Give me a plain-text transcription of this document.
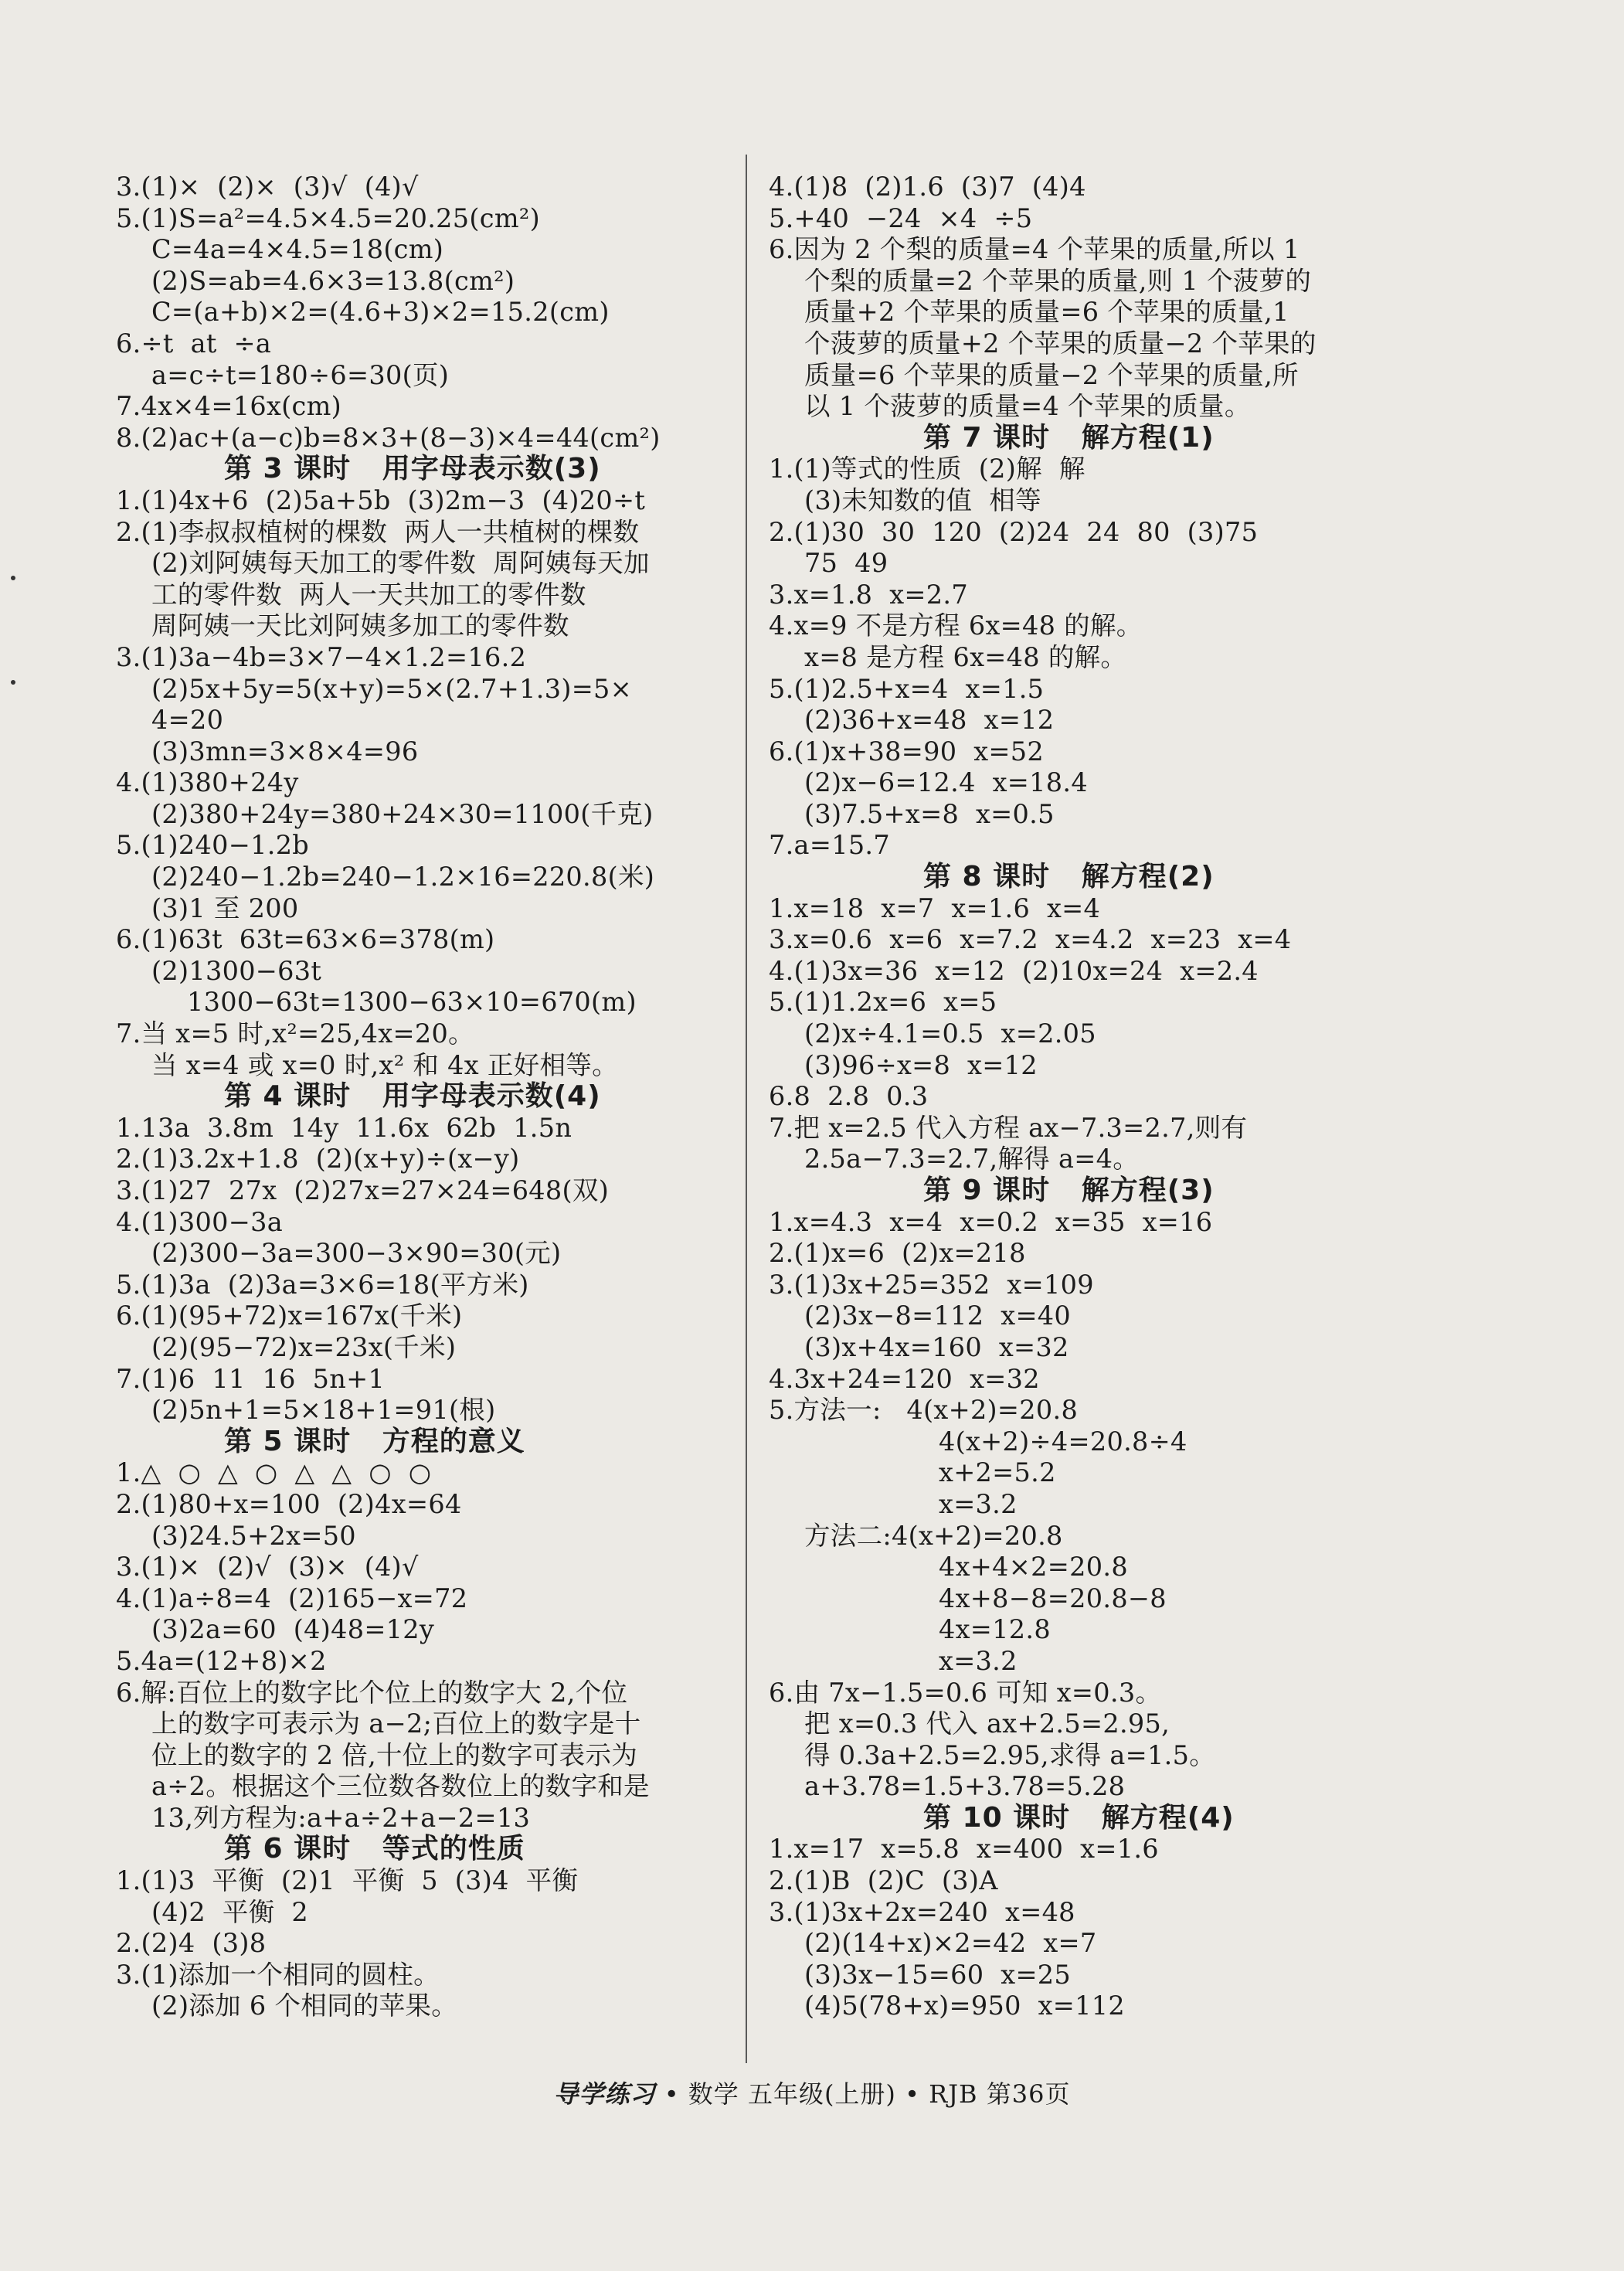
3.(1)×  (2)×  (3)√  (4)√
5.(1)S=a²=4.5×4.5=20.25(cm²)
C=4a=4×4.5=18(cm)
(2)S=ab=4.6×3=13.8(cm²)
C=(a+b)×2=(4.6+3)×2=15.2(cm)
6.÷t  at  ÷a
a=c÷t=180÷6=30(页)
7.4x×4=16x(cm)
8.(2)ac+(a−c)b=8×3+(8−3)×4=44(cm²)
第 3 课时   用字母表示数(3)
1.(1)4x+6  (2)5a+5b  (3)2m−3  (4)20÷t
2.(1)李叔叔植树的棵数  两人一共植树的棵数
(2)刘阿姨每天加工的零件数  周阿姨每天加
工的零件数  两人一天共加工的零件数
周阿姨一天比刘阿姨多加工的零件数
3.(1)3a−4b=3×7−4×1.2=16.2
(2)5x+5y=5(x+y)=5×(2.7+1.3)=5×
4=20
(3)3mn=3×8×4=96
4.(1)380+24y
(2)380+24y=380+24×30=1100(千克)
5.(1)240−1.2b
(2)240−1.2b=240−1.2×16=220.8(米)
(3)1 至 200
6.(1)63t  63t=63×6=378(m)
(2)1300−63t
1300−63t=1300−63×10=670(m)
7.当 x=5 时,x²=25,4x=20。
当 x=4 或 x=0 时,x² 和 4x 正好相等。
第 4 课时   用字母表示数(4)
1.13a  3.8m  14y  11.6x  62b  1.5n
2.(1)3.2x+1.8  (2)(x+y)÷(x−y)
3.(1)27  27x  (2)27x=27×24=648(双)
4.(1)300−3a
(2)300−3a=300−3×90=30(元)
5.(1)3a  (2)3a=3×6=18(平方米)
6.(1)(95+72)x=167x(千米)
(2)(95−72)x=23x(千米)
7.(1)6  11  16  5n+1
(2)5n+1=5×18+1=91(根)
第 5 课时   方程的意义
1.△  ○  △  ○  △  △  ○  ○
2.(1)80+x=100  (2)4x=64
(3)24.5+2x=50
3.(1)×  (2)√  (3)×  (4)√
4.(1)a÷8=4  (2)165−x=72
(3)2a=60  (4)48=12y
5.4a=(12+8)×2
6.解:百位上的数字比个位上的数字大 2,个位
上的数字可表示为 a−2;百位上的数字是十
位上的数字的 2 倍,十位上的数字可表示为
a÷2。根据这个三位数各数位上的数字和是
13,列方程为:a+a÷2+a−2=13
第 6 课时   等式的性质
1.(1)3  平衡  (2)1  平衡  5  (3)4  平衡
(4)2  平衡  2
2.(2)4  (3)8
3.(1)添加一个相同的圆柱。
(2)添加 6 个相同的苹果。
4.(1)8  (2)1.6  (3)7  (4)4
5.+40  −24  ×4  ÷5
6.因为 2 个梨的质量=4 个苹果的质量,所以 1
个梨的质量=2 个苹果的质量,则 1 个菠萝的
质量+2 个苹果的质量=6 个苹果的质量,1
个菠萝的质量+2 个苹果的质量−2 个苹果的
质量=6 个苹果的质量−2 个苹果的质量,所
以 1 个菠萝的质量=4 个苹果的质量。
第 7 课时   解方程(1)
1.(1)等式的性质  (2)解  解
(3)未知数的值  相等
2.(1)30  30  120  (2)24  24  80  (3)75
75  49
3.x=1.8  x=2.7
4.x=9 不是方程 6x=48 的解。
x=8 是方程 6x=48 的解。
5.(1)2.5+x=4  x=1.5
(2)36+x=48  x=12
6.(1)x+38=90  x=52
(2)x−6=12.4  x=18.4
(3)7.5+x=8  x=0.5
7.a=15.7
第 8 课时   解方程(2)
1.x=18  x=7  x=1.6  x=4
3.x=0.6  x=6  x=7.2  x=4.2  x=23  x=4
4.(1)3x=36  x=12  (2)10x=24  x=2.4
5.(1)1.2x=6  x=5
(2)x÷4.1=0.5  x=2.05
(3)96÷x=8  x=12
6.8  2.8  0.3
7.把 x=2.5 代入方程 ax−7.3=2.7,则有
2.5a−7.3=2.7,解得 a=4。
第 9 课时   解方程(3)
1.x=4.3  x=4  x=0.2  x=35  x=16
2.(1)x=6  (2)x=218
3.(1)3x+25=352  x=109
(2)3x−8=112  x=40
(3)x+4x=160  x=32
4.3x+24=120  x=32
5.方法一:   4(x+2)=20.8
4(x+2)÷4=20.8÷4
x+2=5.2
x=3.2
方法二:4(x+2)=20.8
4x+4×2=20.8
4x+8−8=20.8−8
4x=12.8
x=3.2
6.由 7x−1.5=0.6 可知 x=0.3。
把 x=0.3 代入 ax+2.5=2.95,
得 0.3a+2.5=2.95,求得 a=1.5。
a+3.78=1.5+3.78=5.28
第 10 课时   解方程(4)
1.x=17  x=5.8  x=400  x=1.6
2.(1)B  (2)C  (3)A
3.(1)3x+2x=240  x=48
(2)(14+x)×2=42  x=7
(3)3x−15=60  x=25
(4)5(78+x)=950  x=112
导学练习 • 数学 五年级(上册) • RJB 第36页
